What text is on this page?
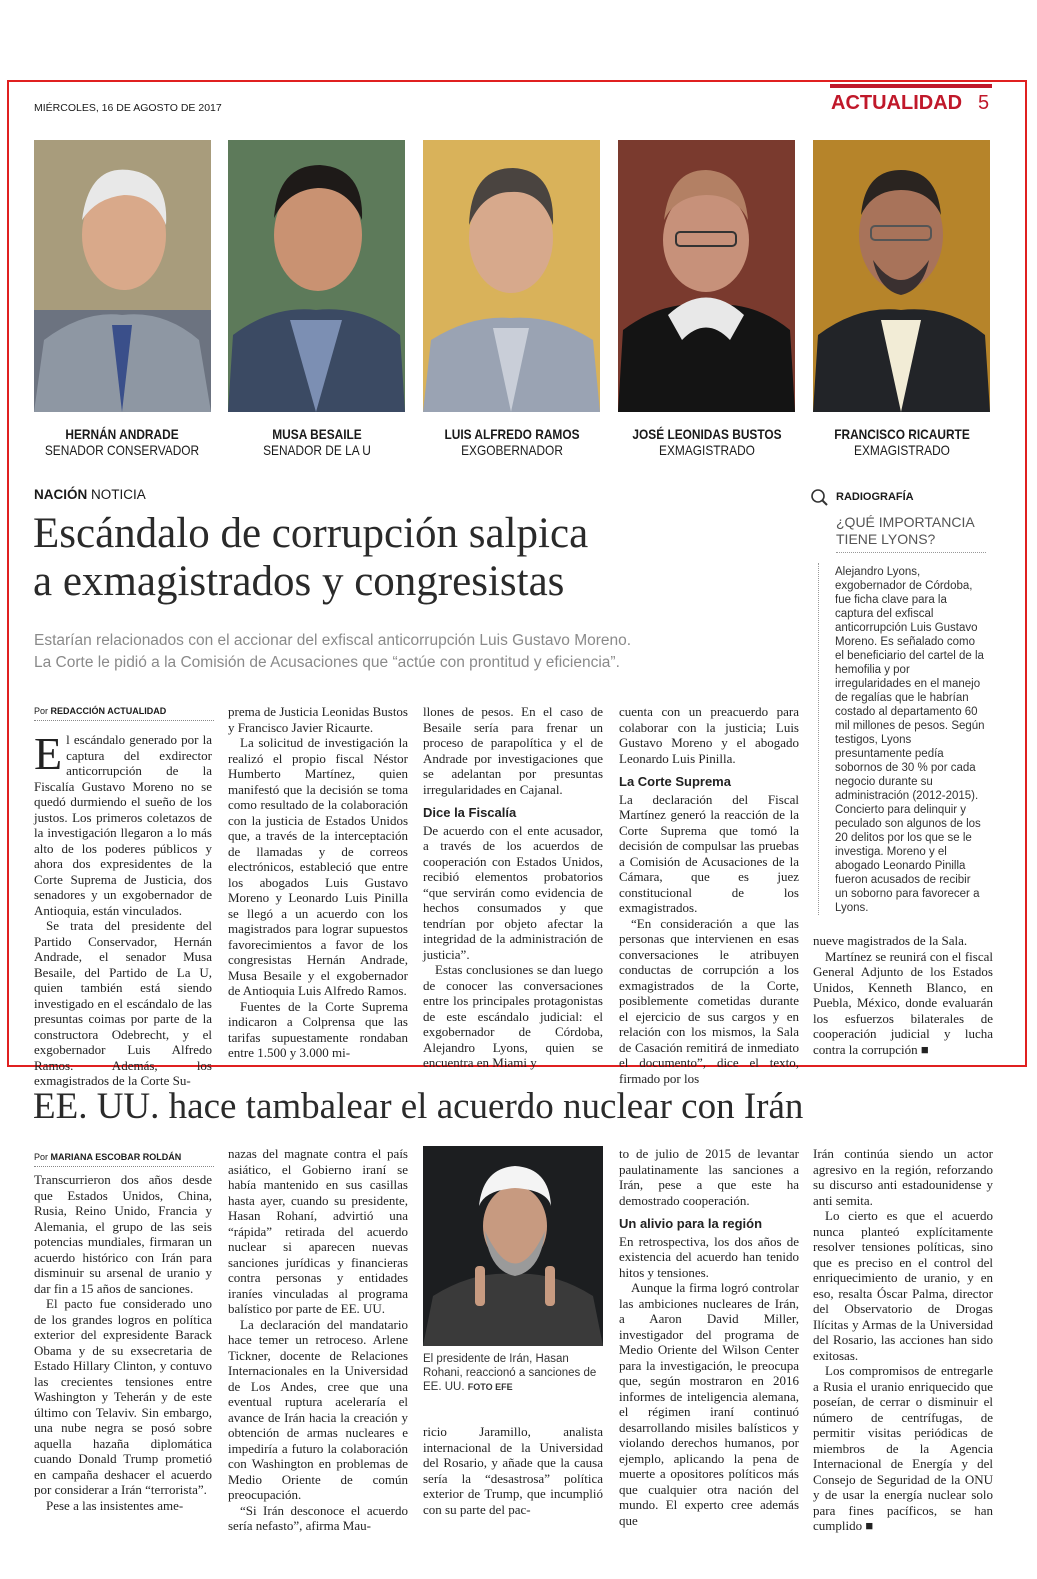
MIÉRCOLES, 16 DE AGOSTO DE 2017	ACTUALIDAD 5
HERNÁN ANDRADE
SENADOR CONSERVADOR
MUSA BESAILE
SENADOR DE LA U
LUIS ALFREDO RAMOS
EXGOBERNADOR
JOSÉ LEONIDAS BUSTOS
EXMAGISTRADO
FRANCISCO RICAURTE
EXMAGISTRADO
NACIÓN NOTICIA
Escándalo de corrupción salpica
a exmagistrados y congresistas
Estarían relacionados con el accionar del exfiscal anticorrupción Luis Gustavo Moreno.
La Corte le pidió a la Comisión de Acusaciones que “actúe con prontitud y eficiencia”.
Por REDACCIÓN ACTUALIDAD

El escándalo generado por la captura del exdirector anticorrupción de la Fiscalía Gustavo Moreno no se quedó durmiendo el sueño de los justos. Los primeros coletazos de la investigación llegaron a lo más alto de los poderes públicos y ahora dos expresidentes de la Corte Suprema de Justicia, dos senadores y un exgobernador de Antioquia, están vinculados.

Se trata del presidente del Partido Conservador, Hernán Andrade, el senador Musa Besaile, del Partido de La U, quien también está siendo investigado en el escándalo de las presuntas coimas por parte de la constructora Odebrecht, y el exgobernador Luis Alfredo Ramos. Además, los exmagistrados de la Corte Su-

prema de Justicia Leonidas Bustos y Francisco Javier Ricaurte.

La solicitud de investigación la realizó el propio fiscal Néstor Humberto Martínez, quien manifestó que la decisión se toma como resultado de la colaboración con la justicia de Estados Unidos que, a través de la interceptación de llamadas y de correos electrónicos, estableció que entre los abogados Luis Gustavo Moreno y Leonardo Luis Pinilla se llegó a un acuerdo con los magistrados para lograr supuestos favorecimientos a favor de los congresistas Hernán Andrade, Musa Besaile y el exgobernador de Antioquia Luis Alfredo Ramos.

Fuentes de la Corte Suprema indicaron a Colprensa que las tarifas supuestamente rondaban entre 1.500 y 3.000 mi-

llones de pesos. En el caso de Besaile sería para frenar un proceso de parapolítica y el de Andrade por investigaciones que se adelantan por presuntas irregularidades en Cajanal.

Dice la Fiscalía

De acuerdo con el ente acusador, a través de los acuerdos de cooperación con Estados Unidos, recibió elementos probatorios “que servirán como evidencia de hechos consumados y que tendrían por objeto afectar la integridad de la administración de justicia”.

Estas conclusiones se dan luego de conocer las conversaciones entre los principales protagonistas de este escándalo judicial: el exgobernador de Córdoba, Alejandro Lyons, quien se encuentra en Miami y

cuenta con un preacuerdo para colaborar con la justicia; Luis Gustavo Moreno y el abogado Leonardo Luis Pinilla.

La Corte Suprema

La declaración del Fiscal Martínez generó la reacción de la Corte Suprema que tomó la decisión de compulsar las pruebas a Comisión de Acusaciones de la Cámara, que es juez constitucional de los exmagistrados.

“En consideración a que las personas que intervienen en esas conversaciones le atribuyen conductas de corrupción a los exmagistrados de la Corte, posiblemente cometidas durante el ejercicio de sus cargos y en relación con los mismos, la Sala de Casación remitirá de inmediato el documento”, dice el texto, firmado por los

nueve magistrados de la Sala.

Martínez se reunirá con el fiscal General Adjunto de los Estados Unidos, Kenneth Blanco, en Puebla, México, donde evaluarán los esfuerzos bilaterales de cooperación judicial y lucha contra la corrupción ■

RADIOGRAFÍA
¿QUÉ IMPORTANCIA
TIENE LYONS?
Alejandro Lyons, exgobernador de Córdoba, fue ficha clave para la captura del exfiscal anticorrupción Luis Gustavo Moreno. Es señalado como el beneficiario del cartel de la hemofilia y por irregularidades en el manejo de regalías que le habrían costado al departamento 60 mil millones de pesos. Según testigos, Lyons presuntamente pedía sobornos de 30 % por cada negocio durante su administración (2012-2015). Concierto para delinquir y peculado son algunos de los 20 delitos por los que se le investiga. Moreno y el abogado Leonardo Pinilla fueron acusados de recibir un soborno para favorecer a Lyons.
EE. UU. hace tambalear el acuerdo nuclear con Irán
Por MARIANA ESCOBAR ROLDÁN

Transcurrieron dos años desde que Estados Unidos, China, Rusia, Reino Unido, Francia y Alemania, el grupo de las seis potencias mundiales, firmaran un acuerdo histórico con Irán para disminuir su arsenal de uranio y dar fin a 15 años de sanciones.

El pacto fue considerado uno de los grandes logros en política exterior del expresidente Barack Obama y de su exsecretaria de Estado Hillary Clinton, y contuvo las crecientes tensiones entre Washington y Teherán y de este último con Telaviv. Sin embargo, una nube negra se posó sobre aquella hazaña diplomática cuando Donald Trump prometió en campaña deshacer el acuerdo por considerar a Irán “terrorista”.

Pese a las insistentes ame-

nazas del magnate contra el país asiático, el Gobierno iraní se había mantenido en sus casillas hasta ayer, cuando su presidente, Hasan Rohaní, advirtió una “rápida” retirada del acuerdo nuclear si aparecen nuevas sanciones jurídicas y financieras contra personas y entidades iraníes vinculadas al programa balístico por parte de EE. UU.

La declaración del mandatario hace temer un retroceso. Arlene Tickner, docente de Relaciones Internacionales en la Universidad de Los Andes, cree que una eventual ruptura aceleraría el avance de Irán hacia la creación y obtención de armas nucleares e impediría a futuro la colaboración con Washington en problemas de Medio Oriente de común preocupación.

“Si Irán desconoce el acuerdo sería nefasto”, afirma Mau-

El presidente de Irán, Hasan Rohani, reaccionó a sanciones de EE. UU. FOTO EFE

ricio Jaramillo, analista internacional de la Universidad del Rosario, y añade que la causa sería la “desastrosa” política exterior de Trump, que incumplió con su parte del pac-

to de julio de 2015 de levantar paulatinamente las sanciones a Irán, pese a que este ha demostrado cooperación.

Un alivio para la región

En retrospectiva, los dos años de existencia del acuerdo han tenido hitos y tensiones.

Aunque la firma logró controlar las ambiciones nucleares de Irán, a Aaron David Miller, investigador del programa de Medio Oriente del Wilson Center para la investigación, le preocupa que, según mostraron en 2016 informes de inteligencia alemana, el régimen iraní continuó desarrollando misiles balísticos y violando derechos humanos, por ejemplo, aplicando la pena de muerte a opositores políticos más que cualquier otra nación del mundo. El experto cree además que

Irán continúa siendo un actor agresivo en la región, reforzando su discurso anti estadounidense y anti semita.

Lo cierto es que el acuerdo nunca planteó explícitamente resolver tensiones políticas, sino que es preciso en el control del enriquecimiento de uranio, y en eso, resalta Óscar Palma, director del Observatorio de Drogas Ilícitas y Armas de la Universidad del Rosario, las acciones han sido exitosas.

Los compromisos de entregarle a Rusia el uranio enriquecido que poseían, de cerrar o disminuir el número de centrífugas, de permitir visitas periódicas de miembros de la Agencia Internacional de Energía y del Consejo de Seguridad de la ONU y de usar la energía nuclear solo para fines pacíficos, se han cumplido ■
